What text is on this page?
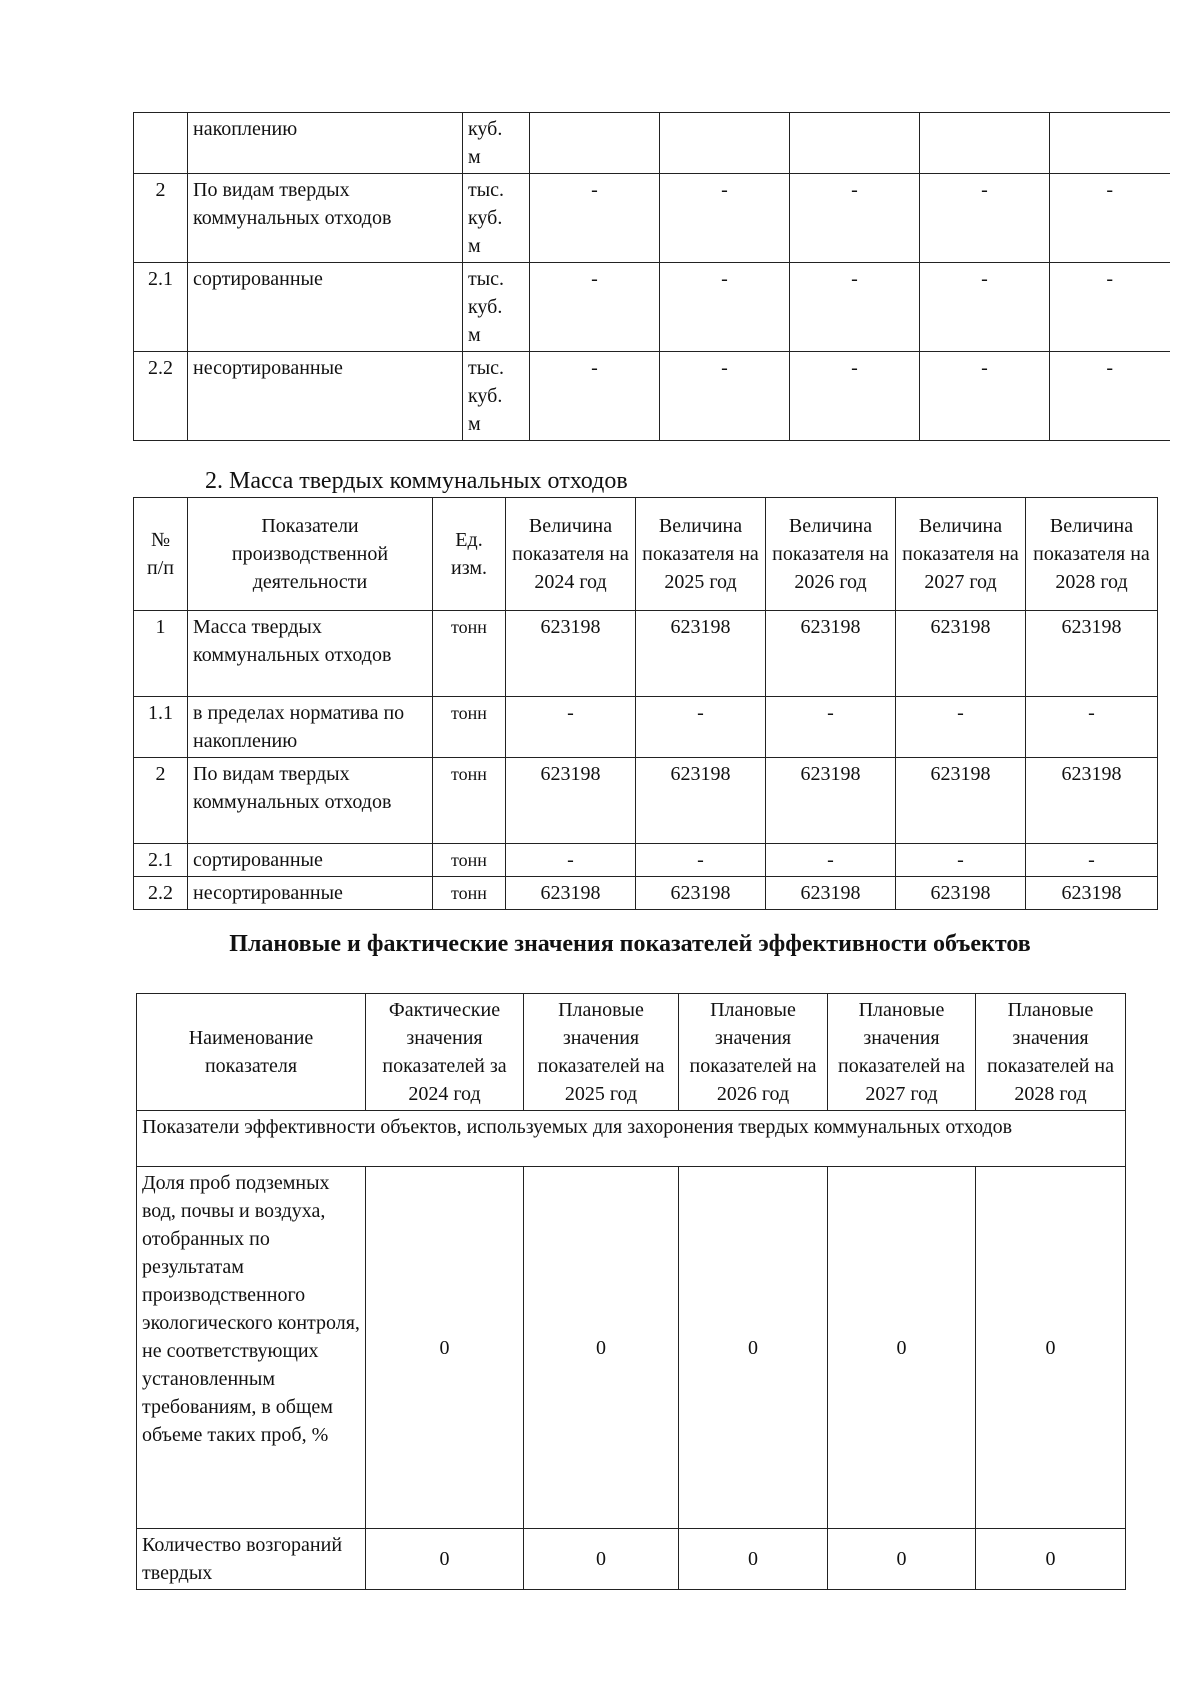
	накоплению	куб.
м					
2	По видам твердых коммунальных отходов	тыс.
куб.
м	-	-	-	-	-
2.1	сортированные	тыс.
куб.
м	-	-	-	-	-
2.2	несортированные	тыс.
куб.
м	-	-	-	-	-
2. Масса твердых коммунальных отходов
№
п/п	Показатели производственной деятельности	Ед.
изм.	Величина показателя на 2024 год	Величина показателя на 2025 год	Величина показателя на 2026 год	Величина показателя на 2027 год	Величина показателя на 2028 год
1	Масса твердых коммунальных отходов	тонн	623198	623198	623198	623198	623198
1.1	в пределах норматива по накоплению	тонн	-	-	-	-	-
2	По видам твердых коммунальных отходов	тонн	623198	623198	623198	623198	623198
2.1	сортированные	тонн	-	-	-	-	-
2.2	несортированные	тонн	623198	623198	623198	623198	623198
Плановые и фактические значения показателей эффективности объектов
Наименование показателя	Фактические значения показателей за 2024 год	Плановые значения показателей на 2025 год	Плановые значения показателей на 2026 год	Плановые значения показателей на 2027 год	Плановые значения показателей на 2028 год
Показатели эффективности объектов, используемых для захоронения твердых коммунальных отходов					
Доля проб подземных вод, почвы и воздуха, отобранных по результатам производственного экологического контроля, не соответствующих установленным требованиям, в общем объеме таких проб, %	0	0	0	0	0
Количество возгораний твердых	0	0	0	0	0
